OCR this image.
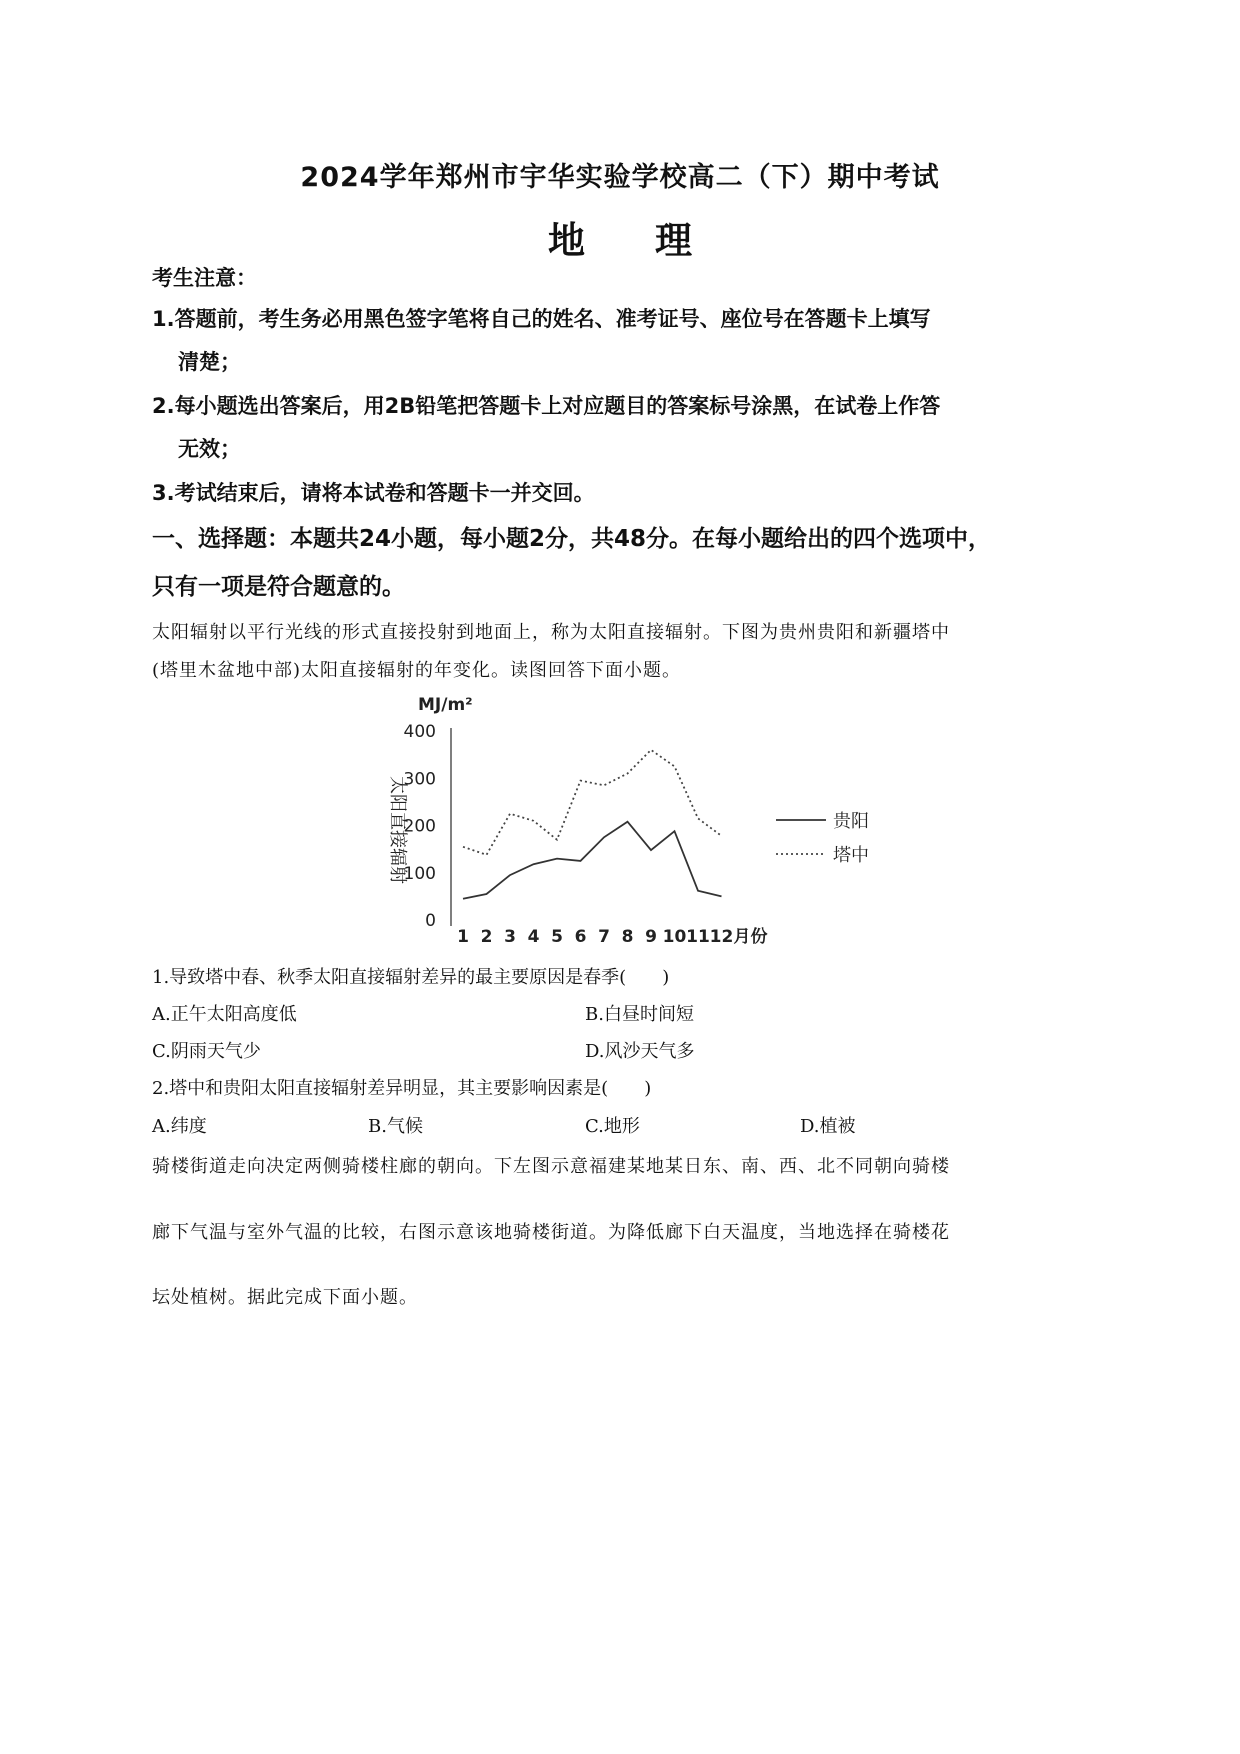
2024学年郑州市宇华实验学校高二（下）期中考试
地理
考生注意：
1.答题前，考生务必用黑色签字笔将自己的姓名、准考证号、座位号在答题卡上填写
清楚；
2.每小题选出答案后，用2B铅笔把答题卡上对应题目的答案标号涂黑，在试卷上作答
无效；
3.考试结束后，请将本试卷和答题卡一并交回。
一、选择题：本题共24小题，每小题2分，共48分。在每小题给出的四个选项中，
只有一项是符合题意的。
太阳辐射以平行光线的形式直接投射到地面上，称为太阳直接辐射。下图为贵州贵阳和新疆塔中
(塔里木盆地中部)太阳直接辐射的年变化。读图回答下面小题。
MJ/m²
太阳直接辐射
0
100
200
300
400
1 2 3 4 5 6 7 8 9 10 11 12 月份
贵阳
塔中
1.导致塔中春、秋季太阳直接辐射差异的最主要原因是春季(　　)
A.正午太阳高度低	B.白昼时间短
C.阴雨天气少	D.风沙天气多
2.塔中和贵阳太阳直接辐射差异明显，其主要影响因素是(　　)
A.纬度	B.气候	C.地形	D.植被
骑楼街道走向决定两侧骑楼柱廊的朝向。下左图示意福建某地某日东、南、西、北不同朝向骑楼
廊下气温与室外气温的比较，右图示意该地骑楼街道。为降低廊下白天温度，当地选择在骑楼花
坛处植树。据此完成下面小题。
